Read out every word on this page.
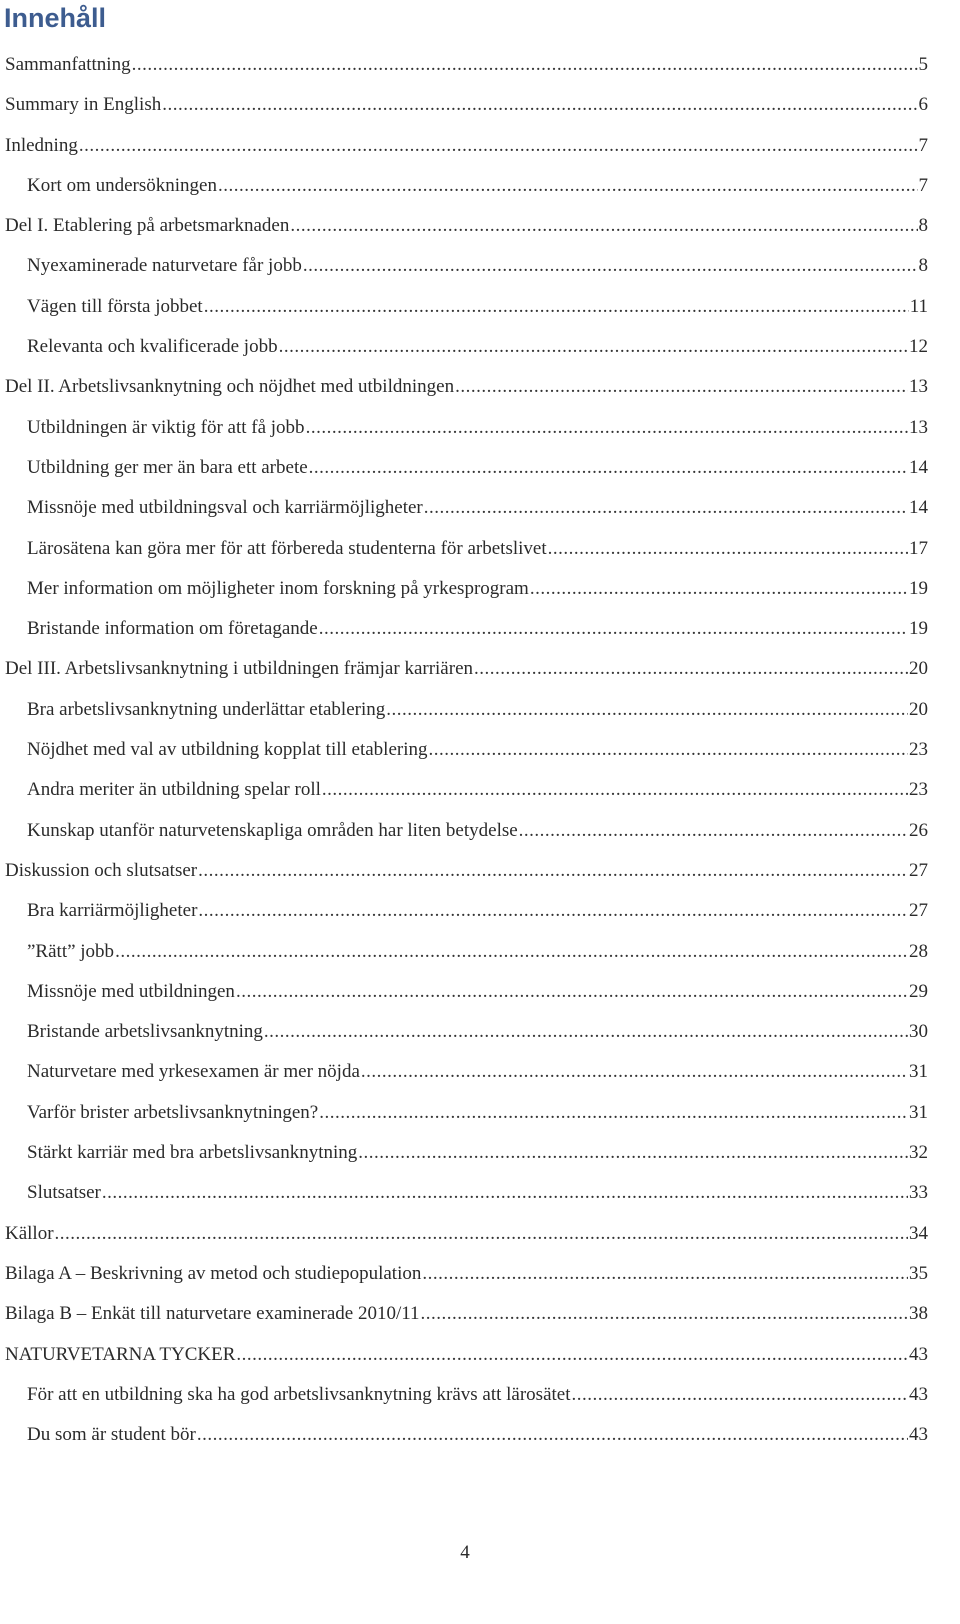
Innehåll
Sammanfattning .....	5
Summary in English .....	6
Inledning .....	7
Kort om undersökningen .....	7
Del I. Etablering på arbetsmarknaden .....	8
Nyexaminerade naturvetare får jobb .....	8
Vägen till första jobbet .....	11
Relevanta och kvalificerade jobb .....	12
Del II. Arbetslivsanknytning och nöjdhet med utbildningen .....	13
Utbildningen är viktig för att få jobb .....	13
Utbildning ger mer än bara ett arbete .....	14
Missnöje med utbildningsval och karriärmöjligheter .....	14
Lärosätena kan göra mer för att förbereda studenterna för arbetslivet .....	17
Mer information om möjligheter inom forskning på yrkesprogram .....	19
Bristande information om företagande .....	19
Del III. Arbetslivsanknytning i utbildningen främjar karriären .....	20
Bra arbetslivsanknytning underlättar etablering .....	20
Nöjdhet med val av utbildning kopplat till etablering .....	23
Andra meriter än utbildning spelar roll .....	23
Kunskap utanför naturvetenskapliga områden har liten betydelse .....	26
Diskussion och slutsatser .....	27
Bra karriärmöjligheter .....	27
”Rätt” jobb .....	28
Missnöje med utbildningen .....	29
Bristande arbetslivsanknytning .....	30
Naturvetare med yrkesexamen är mer nöjda .....	31
Varför brister arbetslivsanknytningen? .....	31
Stärkt karriär med bra arbetslivsanknytning .....	32
Slutsatser .....	33
Källor .....	34
Bilaga A – Beskrivning av metod och studiepopulation .....	35
Bilaga B – Enkät till naturvetare examinerade 2010/11 .....	38
NATURVETARNA TYCKER .....	43
För att en utbildning ska ha god arbetslivsanknytning krävs att lärosätet .....	43
Du som är student bör .....	43
4
